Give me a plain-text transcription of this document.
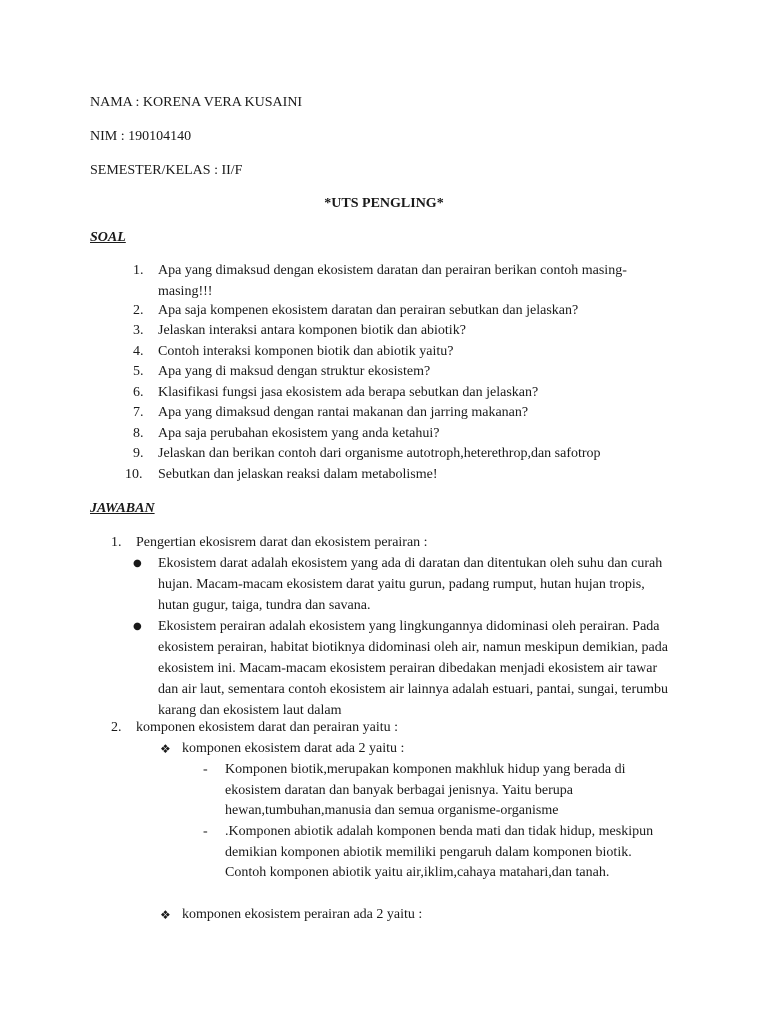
NAMA : KORENA VERA KUSAINI
NIM : 190104140
SEMESTER/KELAS : II/F
*UTS PENGLING*
SOAL
1.	Apa yang dimaksud dengan ekosistem daratan dan perairan berikan contoh masing-masing!!!
2.	Apa saja kompenen ekosistem daratan dan perairan sebutkan dan jelaskan?
3.	Jelaskan interaksi antara komponen biotik dan abiotik?
4.	Contoh interaksi komponen biotik dan abiotik yaitu?
5.	Apa yang di maksud dengan struktur ekosistem?
6.	Klasifikasi fungsi jasa ekosistem ada berapa sebutkan dan jelaskan?
7.	Apa yang dimaksud dengan rantai makanan dan jarring makanan?
8.	Apa saja perubahan ekosistem yang anda ketahui?
9.	Jelaskan dan berikan contoh dari organisme autotroph,heterethrop,dan safotrop
10.	Sebutkan dan jelaskan reaksi dalam metabolisme!
JAWABAN
1. Pengertian ekosisrem darat dan ekosistem perairan :
● Ekosistem darat adalah ekosistem yang ada di daratan dan ditentukan oleh suhu dan curah hujan. Macam-macam ekosistem darat yaitu gurun, padang rumput, hutan hujan tropis, hutan gugur, taiga, tundra dan savana.
● Ekosistem perairan adalah ekosistem yang lingkungannya didominasi oleh perairan. Pada ekosistem perairan, habitat biotiknya didominasi oleh air, namun meskipun demikian, pada ekosistem ini. Macam-macam ekosistem perairan dibedakan menjadi ekosistem air tawar dan air laut, sementara contoh ekosistem air lainnya adalah estuari, pantai, sungai, terumbu karang dan ekosistem laut dalam
2. komponen ekosistem darat dan perairan yaitu :
❖ komponen ekosistem darat ada 2 yaitu :
- Komponen biotik,merupakan komponen makhluk hidup yang berada di ekosistem daratan dan banyak berbagai jenisnya. Yaitu berupa hewan,tumbuhan,manusia dan semua organisme-organisme
- .Komponen abiotik adalah komponen benda mati dan tidak hidup, meskipun demikian komponen abiotik memiliki pengaruh dalam komponen biotik. Contoh komponen abiotik yaitu air,iklim,cahaya matahari,dan tanah.
❖ komponen ekosistem perairan ada 2 yaitu :
